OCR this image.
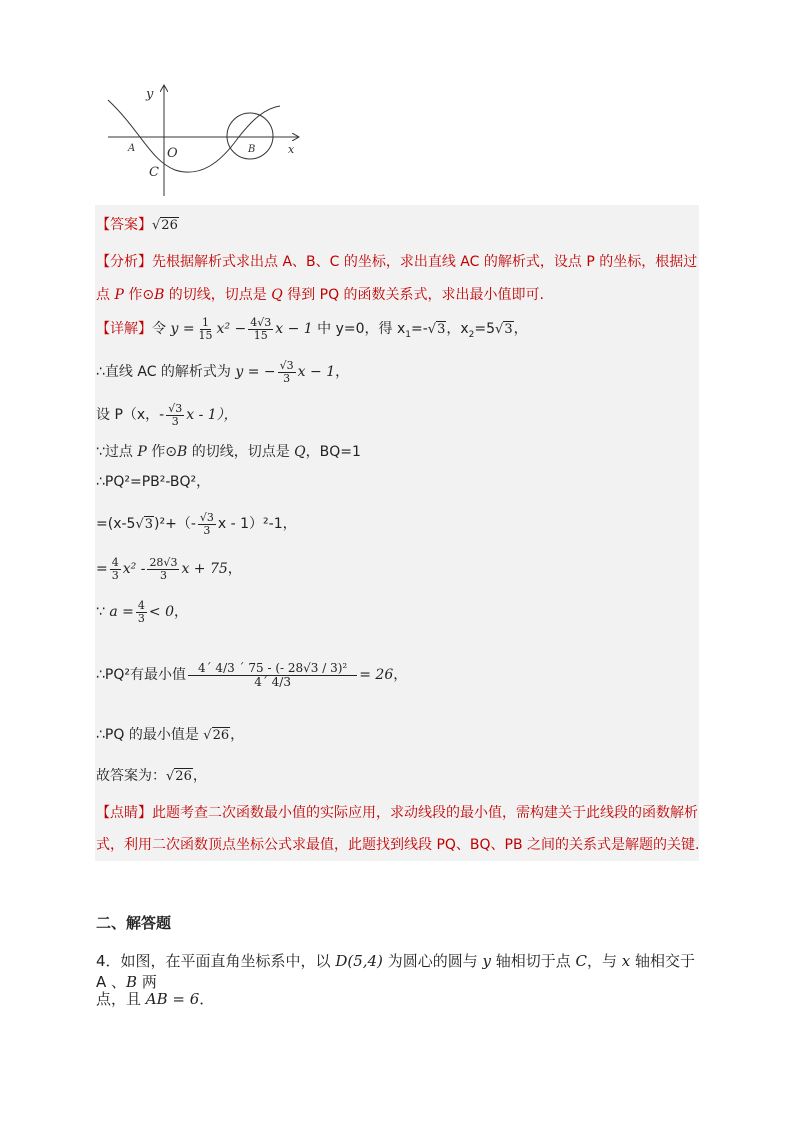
y
x
A O	B
C
【答案】√26
【分析】先根据解析式求出点 A、B、C 的坐标，求出直线 AC 的解析式，设点 P 的坐标，根据过
点 P 作⊙B 的切线，切点是 Q 得到 PQ 的函数关系式，求出最小值即可.
【详解】令 $y = \frac{1}{15} x^2 - \frac{4√3}{15}$ x − 1 中 y=0，得 $x_1=-√3$，$x_2=5√3$，
∴直线 AC 的解析式为 y = − $\frac{√3}{3}$ x − 1，
设 P（x，- $\frac{√3}{3}$ x - 1），
∵过点 P 作⊙B 的切线，切点是 Q，BQ=1
∴PQ²=PB²-BQ²，
$=(x-5√3)^2+(- \frac{√3}{3}$ x - 1）²-1，
= $\frac{4}{3} x^2 - \frac{28√3}{3}$ x + 75，
∵ $a = \frac{4}{3} < 0$，
∴PQ²有最小值 $\frac{\text{4´ 4/3 ´ 75 - (- 28√3 / 3)²}}{4´ 4/3} = 26$，
∴PQ 的最小值是 √26，
故答案为：√26，
【点睛】此题考查二次函数最小值的实际应用，求动线段的最小值，需构建关于此线段的函数解析
式，利用二次函数顶点坐标公式求最值，此题找到线段 PQ、BQ、PB 之间的关系式是解题的关键.
二、解答题
4．如图，在平面直角坐标系中，以 D(5,4) 为圆心的圆与 y 轴相切于点 C，与 x 轴相交于 A 、B 两
点，且 AB = 6．
